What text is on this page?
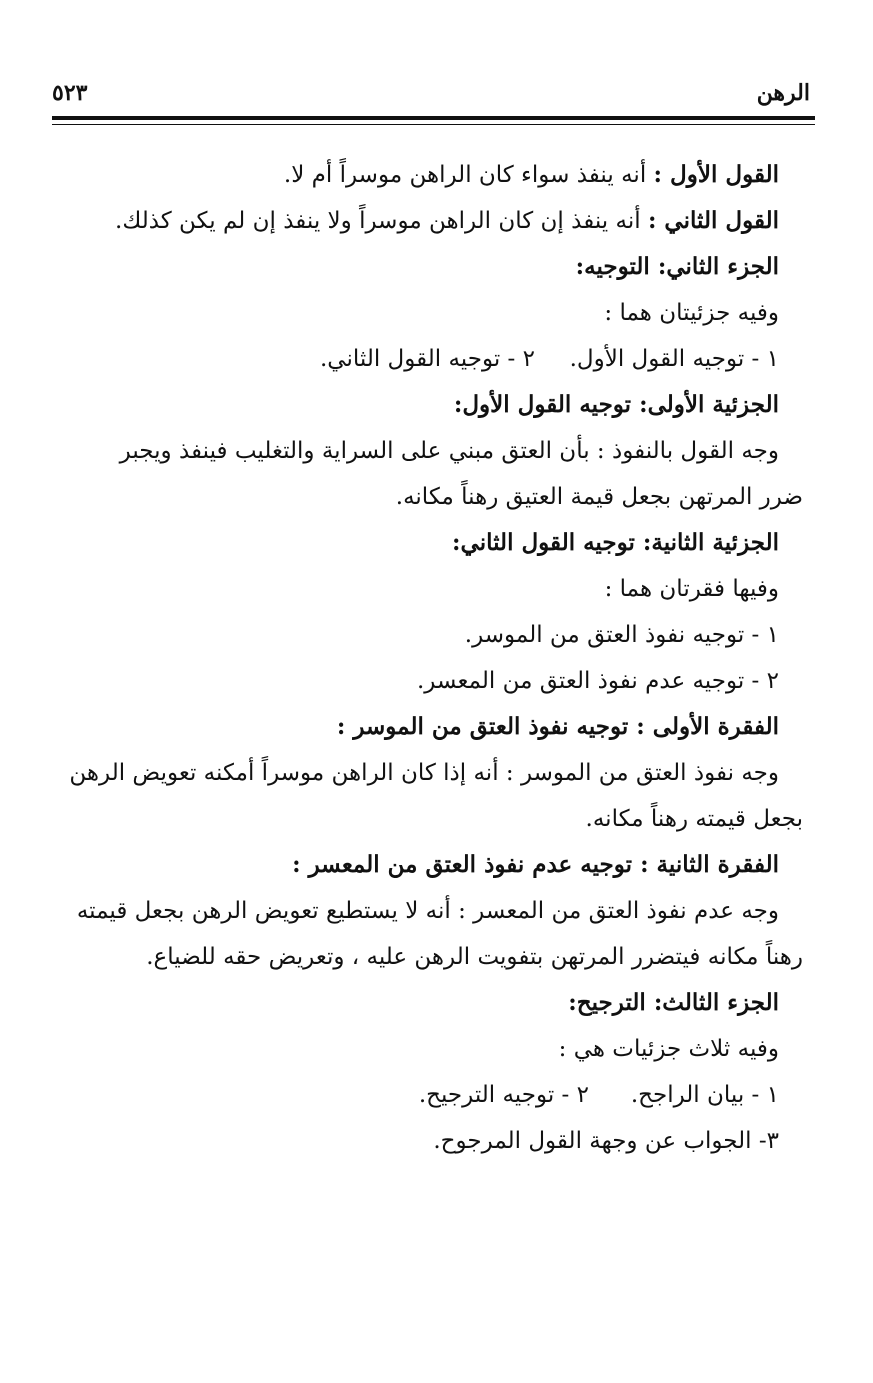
الرهن
٥٢٣
القول الأول : أنه ينفذ سواء كان الراهن موسراً أم لا.
القول الثاني : أنه ينفذ إن كان الراهن موسراً ولا ينفذ إن لم يكن كذلك.
الجزء الثاني: التوجيه:
وفيه جزئيتان هما :
١ - توجيه القول الأول.
٢ - توجيه القول الثاني.
الجزئية الأولى: توجيه القول الأول:
وجه القول بالنفوذ : بأن العتق مبني على السراية والتغليب فينفذ ويجبر
ضرر المرتهن بجعل قيمة العتيق رهناً مكانه.
الجزئية الثانية: توجيه القول الثاني:
وفيها فقرتان هما :
١ - توجيه نفوذ العتق من الموسر.
٢ - توجيه عدم نفوذ العتق من المعسر.
الفقرة الأولى : توجيه نفوذ العتق من الموسر :
وجه نفوذ العتق من الموسر : أنه إذا كان الراهن موسراً أمكنه تعويض الرهن
بجعل قيمته رهناً مكانه.
الفقرة الثانية : توجيه عدم نفوذ العتق من المعسر :
وجه عدم نفوذ العتق من المعسر : أنه لا يستطيع تعويض الرهن بجعل قيمته
رهناً مكانه فيتضرر المرتهن بتفويت الرهن عليه ، وتعريض حقه للضياع.
الجزء الثالث: الترجيح:
وفيه ثلاث جزئيات هي :
١ - بيان الراجح.
٢ - توجيه الترجيح.
٣- الجواب عن وجهة القول المرجوح.
